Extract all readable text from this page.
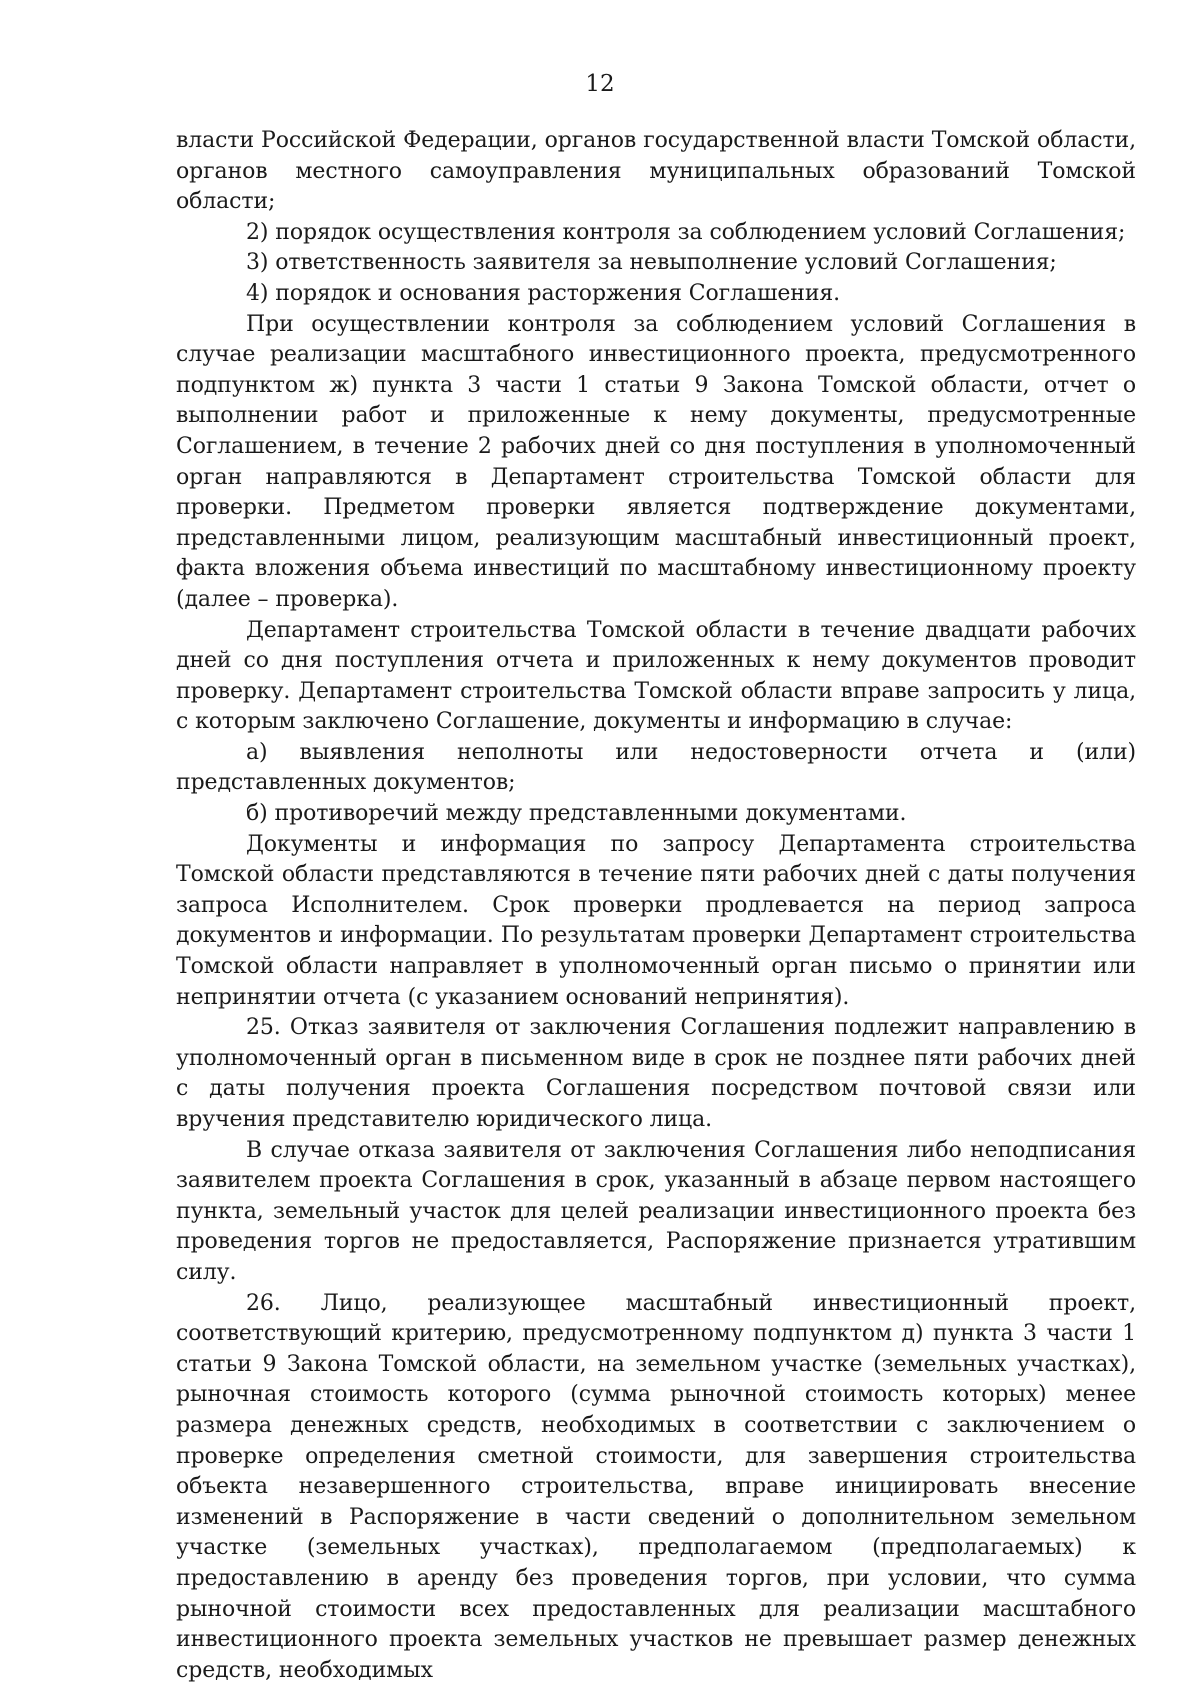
12

власти Российской Федерации, органов государственной власти Томской области, органов местного самоуправления муниципальных образований Томской области;

2) порядок осуществления контроля за соблюдением условий Соглашения;

3) ответственность заявителя за невыполнение условий Соглашения;

4) порядок и основания расторжения Соглашения.

При осуществлении контроля за соблюдением условий Соглашения в случае реализации масштабного инвестиционного проекта, предусмотренного подпунктом ж) пункта 3 части 1 статьи 9 Закона Томской области, отчет о выполнении работ и приложенные к нему документы, предусмотренные Соглашением, в течение 2 рабочих дней со дня поступления в уполномоченный орган направляются в Департамент строительства Томской области для проверки. Предметом проверки является подтверждение документами, представленными лицом, реализующим масштабный инвестиционный проект, факта вложения объема инвестиций по масштабному инвестиционному проекту (далее – проверка).

Департамент строительства Томской области в течение двадцати рабочих дней со дня поступления отчета и приложенных к нему документов проводит проверку. Департамент строительства Томской области вправе запросить у лица, с которым заключено Соглашение, документы и информацию в случае:

а) выявления неполноты или недостоверности отчета и (или) представленных документов;

б) противоречий между представленными документами.

Документы и информация по запросу Департамента строительства Томской области представляются в течение пяти рабочих дней с даты получения запроса Исполнителем. Срок проверки продлевается на период запроса документов и информации. По результатам проверки Департамент строительства Томской области направляет в уполномоченный орган письмо о принятии или непринятии отчета (с указанием оснований непринятия).

25. Отказ заявителя от заключения Соглашения подлежит направлению в уполномоченный орган в письменном виде в срок не позднее пяти рабочих дней с даты получения проекта Соглашения посредством почтовой связи или вручения представителю юридического лица.

В случае отказа заявителя от заключения Соглашения либо неподписания заявителем проекта Соглашения в срок, указанный в абзаце первом настоящего пункта, земельный участок для целей реализации инвестиционного проекта без проведения торгов не предоставляется, Распоряжение признается утратившим силу.

26. Лицо, реализующее масштабный инвестиционный проект, соответствующий критерию, предусмотренному подпунктом д) пункта 3 части 1 статьи 9 Закона Томской области, на земельном участке (земельных участках), рыночная стоимость которого (сумма рыночной стоимость которых) менее размера денежных средств, необходимых в соответствии с заключением о проверке определения сметной стоимости, для завершения строительства объекта незавершенного строительства, вправе инициировать внесение изменений в Распоряжение в части сведений о дополнительном земельном участке (земельных участках), предполагаемом (предполагаемых) к предоставлению в аренду без проведения торгов, при условии, что сумма рыночной стоимости всех предоставленных для реализации масштабного инвестиционного проекта земельных участков не превышает размер денежных средств, необходимых
